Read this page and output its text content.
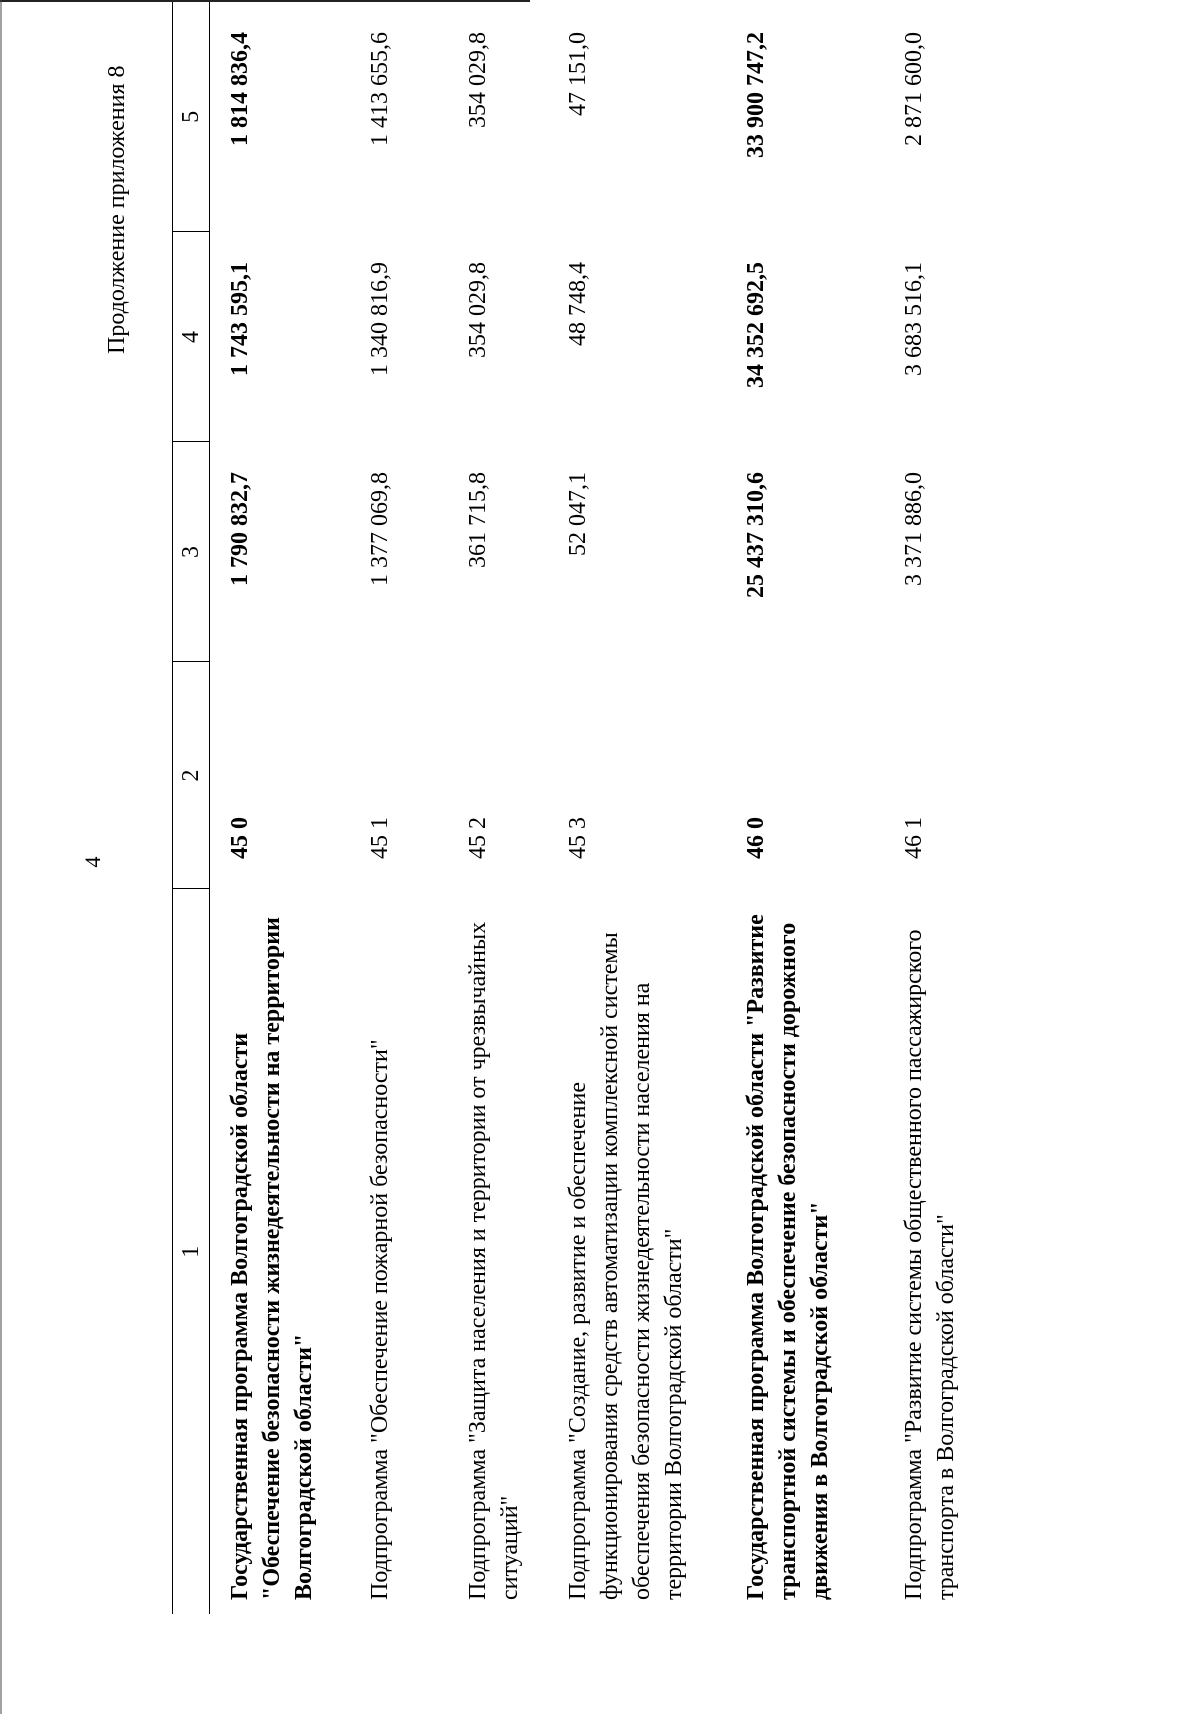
4
Продолжение приложения 8
1	2	3	4	5
Государственная программа Волгоградской области "Обеспечение безопасности жизнедеятельности на территории Волгоградской области"	45 0	1 790 832,7	1 743 595,1	1 814 836,4
Подпрограмма "Обеспечение пожарной безопасности"	45 1	1 377 069,8	1 340 816,9	1 413 655,6
Подпрограмма "Защита населения и территории от чрезвычайных ситуаций"	45 2	361 715,8	354 029,8	354 029,8
Подпрограмма "Создание, развитие и обеспечение функционирования средств автоматизации комплексной системы обеспечения безопасности жизнедеятельности населения на территории Волгоградской области"	45 3	52 047,1	48 748,4	47 151,0
Государственная программа Волгоградской области "Развитие транспортной системы и обеспечение безопасности дорожного движения в Волгоградской области"	46 0	25 437 310,6	34 352 692,5	33 900 747,2
Подпрограмма "Развитие системы общественного пассажирского транспорта в Волгоградской области"	46 1	3 371 886,0	3 683 516,1	2 871 600,0
